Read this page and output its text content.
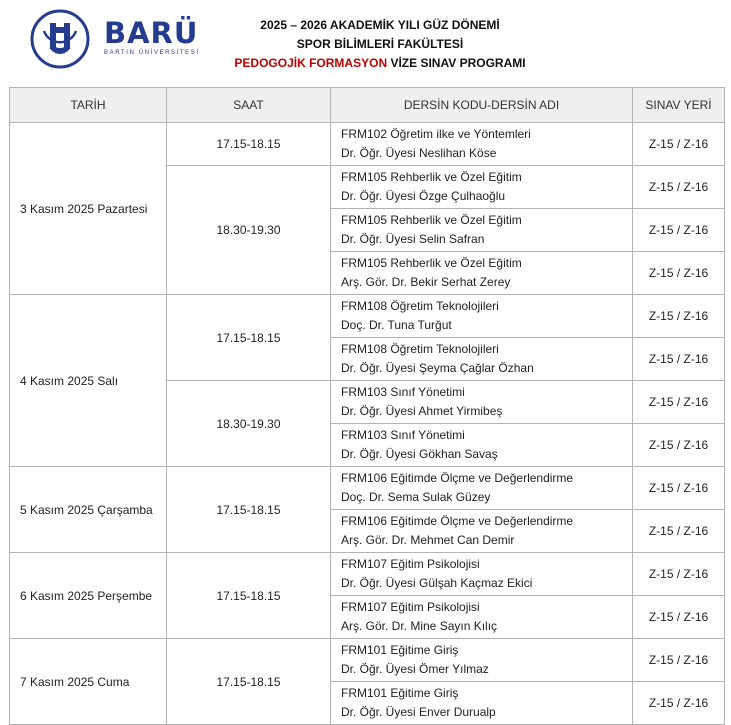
BARÜ
BARTIN ÜNİVERSİTESİ
2025 – 2026 AKADEMİK YILI GÜZ DÖNEMİ
SPOR BİLİMLERİ FAKÜLTESİ
PEDOGOJİK FORMASYON VİZE SINAV PROGRAMI
TARİH	SAAT	DERSİN KODU-DERSİN ADI	SINAV YERİ
3 Kasım 2025 Pazartesi	17.15-18.15	FRM102 Öğretim ilke ve Yöntemleri
Dr. Öğr. Üyesi Neslihan Köse	Z-15 / Z-16
	18.30-19.30	FRM105 Rehberlik ve Özel Eğitim
Dr. Öğr. Üyesi Özge Çulhaoğlu	Z-15 / Z-16

		FRM105 Rehberlik ve Özel Eğitim
Dr. Öğr. Üyesi Selin Safran	Z-15 / Z-16

		FRM105 Rehberlik ve Özel Eğitim
Arş. Gör. Dr. Bekir Serhat Zerey	Z-15 / Z-16
4 Kasım 2025 Salı	17.15-18.15	FRM108 Öğretim Teknolojileri
Doç. Dr. Tuna Turğut	Z-15 / Z-16

		FRM108 Öğretim Teknolojileri
Dr. Öğr. Üyesi Şeyma Çağlar Özhan	Z-15 / Z-16
	18.30-19.30	FRM103 Sınıf Yönetimi
Dr. Öğr. Üyesi Ahmet Yirmibeş	Z-15 / Z-16

		FRM103 Sınıf Yönetimi
Dr. Öğr. Üyesi Gökhan Savaş	Z-15 / Z-16
5 Kasım 2025 Çarşamba	17.15-18.15	FRM106 Eğitimde Ölçme ve Değerlendirme
Doç. Dr. Sema Sulak Güzey	Z-15 / Z-16

		FRM106 Eğitimde Ölçme ve Değerlendirme
Arş. Gör. Dr. Mehmet Can Demir	Z-15 / Z-16
6 Kasım 2025 Perşembe	17.15-18.15	FRM107 Eğitim Psikolojisi
Dr. Öğr. Üyesi Gülşah Kaçmaz Ekici	Z-15 / Z-16

		FRM107 Eğitim Psikolojisi
Arş. Gör. Dr. Mine Sayın Kılıç	Z-15 / Z-16
7 Kasım 2025 Cuma	17.15-18.15	FRM101 Eğitime Giriş
Dr. Öğr. Üyesi Ömer Yılmaz	Z-15 / Z-16

		FRM101 Eğitime Giriş
Dr. Öğr. Üyesi Enver Durualp	Z-15 / Z-16
